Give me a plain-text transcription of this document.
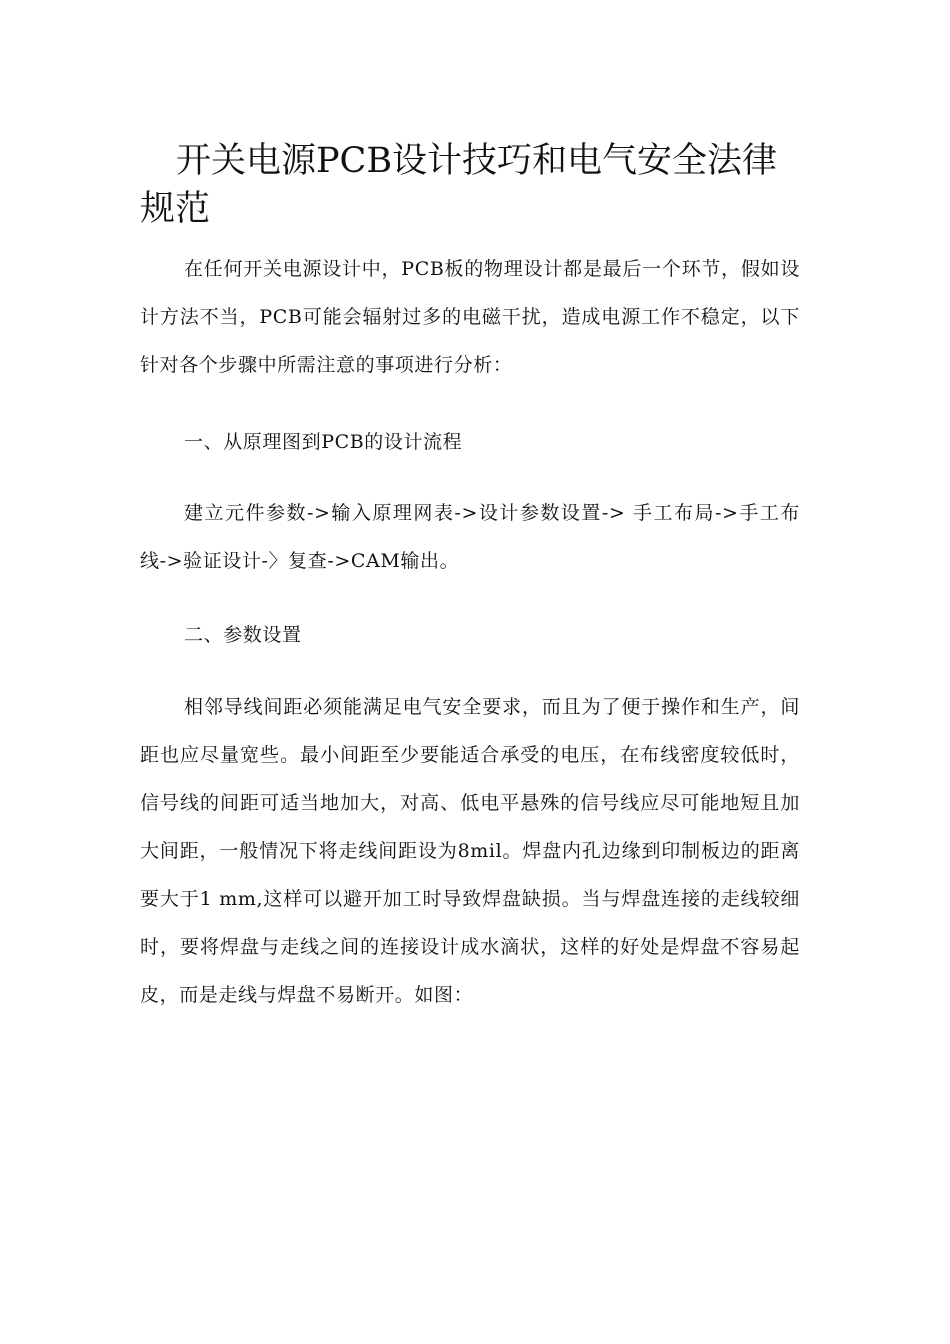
开关电源PCB设计技巧和电气安全法律规范

在任何开关电源设计中，PCB板的物理设计都是最后一个环节，假如设计方法不当，PCB可能会辐射过多的电磁干扰，造成电源工作不稳定，以下针对各个步骤中所需注意的事项进行分析：

一、从原理图到PCB的设计流程

建立元件参数->输入原理网表->设计参数设置-> 手工布局->手工布线->验证设计-〉复查->CAM输出。

二、参数设置

相邻导线间距必须能满足电气安全要求，而且为了便于操作和生产，间距也应尽量宽些。最小间距至少要能适合承受的电压，在布线密度较低时，信号线的间距可适当地加大，对高、低电平悬殊的信号线应尽可能地短且加大间距，一般情况下将走线间距设为8mil。焊盘内孔边缘到印制板边的距离要大于1 mm,这样可以避开加工时导致焊盘缺损。当与焊盘连接的走线较细时，要将焊盘与走线之间的连接设计成水滴状，这样的好处是焊盘不容易起皮，而是走线与焊盘不易断开。如图：
